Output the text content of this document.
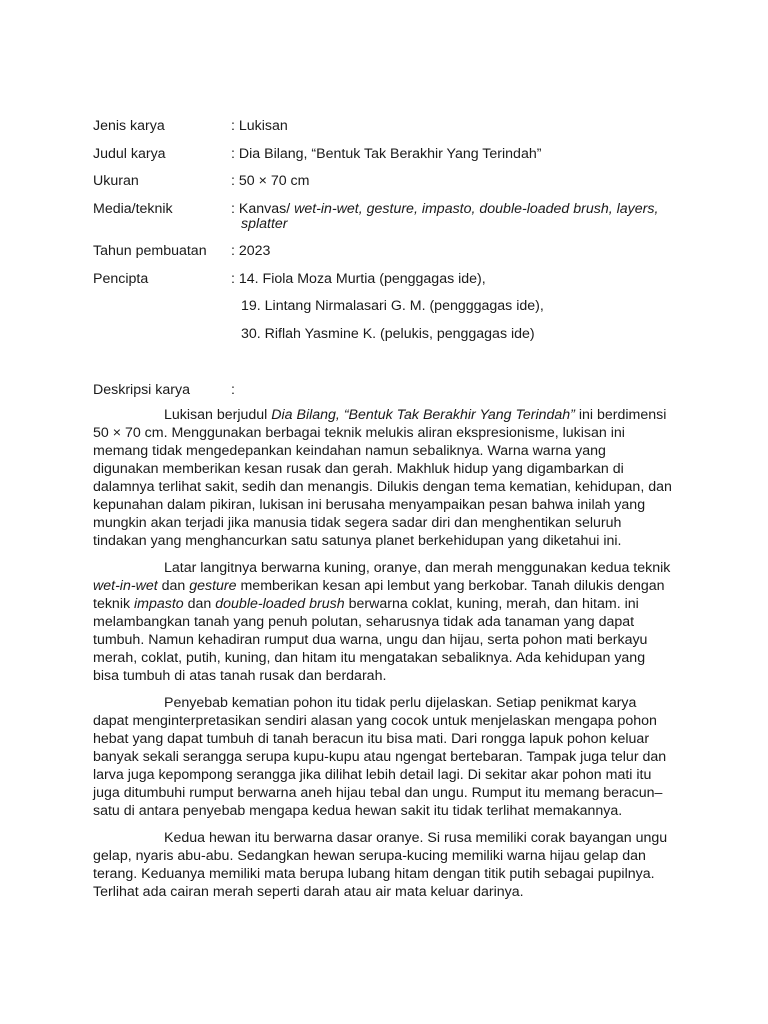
Jenis karya	: Lukisan
Judul karya	: Dia Bilang, “Bentuk Tak Berakhir Yang Terindah”
Ukuran	: 50 × 70 cm
Media/teknik	: Kanvas/ wet-in-wet, gesture, impasto, double-loaded brush, layers,
splatter
Tahun pembuatan : 2023
Pencipta	: 14. Fiola Moza Murtia (penggagas ide),
19. Lintang Nirmalasari G. M. (pengggagas ide),
30. Riflah Yasmine K. (pelukis, penggagas ide)
Deskripsi karya	:
Lukisan berjudul Dia Bilang, “Bentuk Tak Berakhir Yang Terindah” ini berdimensi
50 × 70 cm. Menggunakan berbagai teknik melukis aliran ekspresionisme, lukisan ini
memang tidak mengedepankan keindahan namun sebaliknya. Warna warna yang
digunakan memberikan kesan rusak dan gerah. Makhluk hidup yang digambarkan di
dalamnya terlihat sakit, sedih dan menangis. Dilukis dengan tema kematian, kehidupan, dan
kepunahan dalam pikiran, lukisan ini berusaha menyampaikan pesan bahwa inilah yang
mungkin akan terjadi jika manusia tidak segera sadar diri dan menghentikan seluruh
tindakan yang menghancurkan satu satunya planet berkehidupan yang diketahui ini.
Latar langitnya berwarna kuning, oranye, dan merah menggunakan kedua teknik
wet-in-wet dan gesture memberikan kesan api lembut yang berkobar. Tanah dilukis dengan
teknik impasto dan double-loaded brush berwarna coklat, kuning, merah, dan hitam. ini
melambangkan tanah yang penuh polutan, seharusnya tidak ada tanaman yang dapat
tumbuh. Namun kehadiran rumput dua warna, ungu dan hijau, serta pohon mati berkayu
merah, coklat, putih, kuning, dan hitam itu mengatakan sebaliknya. Ada kehidupan yang
bisa tumbuh di atas tanah rusak dan berdarah.
Penyebab kematian pohon itu tidak perlu dijelaskan. Setiap penikmat karya
dapat menginterpretasikan sendiri alasan yang cocok untuk menjelaskan mengapa pohon
hebat yang dapat tumbuh di tanah beracun itu bisa mati. Dari rongga lapuk pohon keluar
banyak sekali serangga serupa kupu-kupu atau ngengat bertebaran. Tampak juga telur dan
larva juga kepompong serangga jika dilihat lebih detail lagi. Di sekitar akar pohon mati itu
juga ditumbuhi rumput berwarna aneh hijau tebal dan ungu. Rumput itu memang beracun–
satu di antara penyebab mengapa kedua hewan sakit itu tidak terlihat memakannya.
Kedua hewan itu berwarna dasar oranye. Si rusa memiliki corak bayangan ungu
gelap, nyaris abu-abu. Sedangkan hewan serupa-kucing memiliki warna hijau gelap dan
terang. Keduanya memiliki mata berupa lubang hitam dengan titik putih sebagai pupilnya.
Terlihat ada cairan merah seperti darah atau air mata keluar darinya.
